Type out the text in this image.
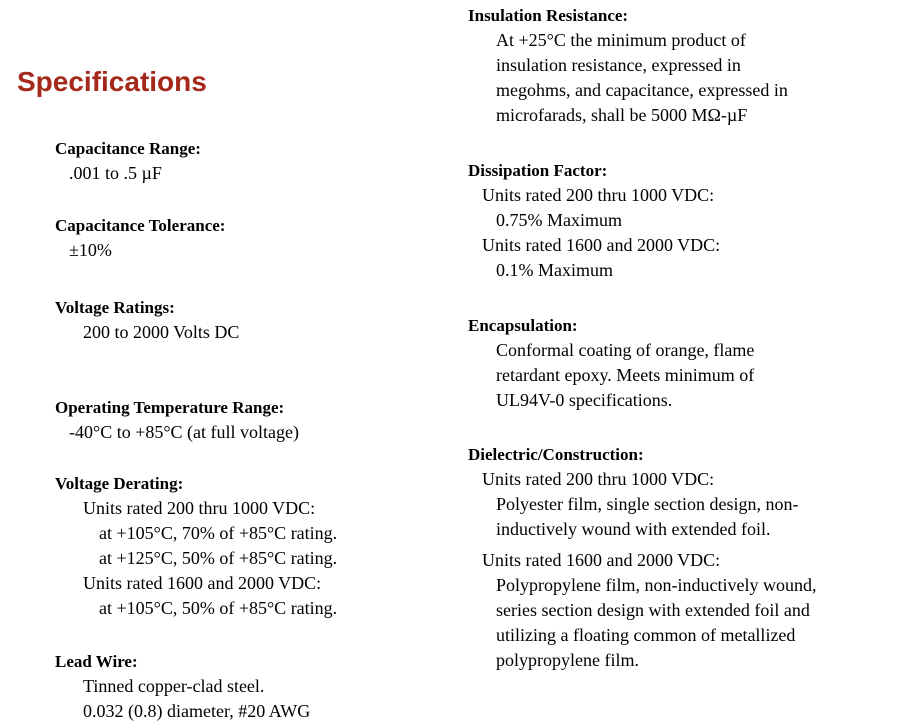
Specifications
Capacitance Range:
.001 to .5 µF
Capacitance Tolerance:
±10%
Voltage Ratings:
200 to 2000 Volts DC
Operating Temperature Range:
-40°C to +85°C (at full voltage)
Voltage Derating:
Units rated 200 thru 1000 VDC:
at +105°C, 70% of +85°C rating.
at +125°C, 50% of +85°C rating.
Units rated 1600 and 2000 VDC:
at +105°C, 50% of +85°C rating.
Lead Wire:
Tinned copper-clad steel.
0.032 (0.8) diameter, #20 AWG
Insulation Resistance:
At +25°C the minimum product of
insulation resistance, expressed in
megohms, and capacitance, expressed in
microfarads, shall be 5000 MΩ-µF
Dissipation Factor:
Units rated 200 thru 1000 VDC:
0.75% Maximum
Units rated 1600 and 2000 VDC:
0.1% Maximum
Encapsulation:
Conformal coating of orange, flame
retardant epoxy. Meets minimum of
UL94V-0 specifications.
Dielectric/Construction:
Units rated 200 thru 1000 VDC:
Polyester film, single section design, non-
inductively wound with extended foil.
Units rated 1600 and 2000 VDC:
Polypropylene film, non-inductively wound,
series section design with extended foil and
utilizing a floating common of metallized
polypropylene film.
